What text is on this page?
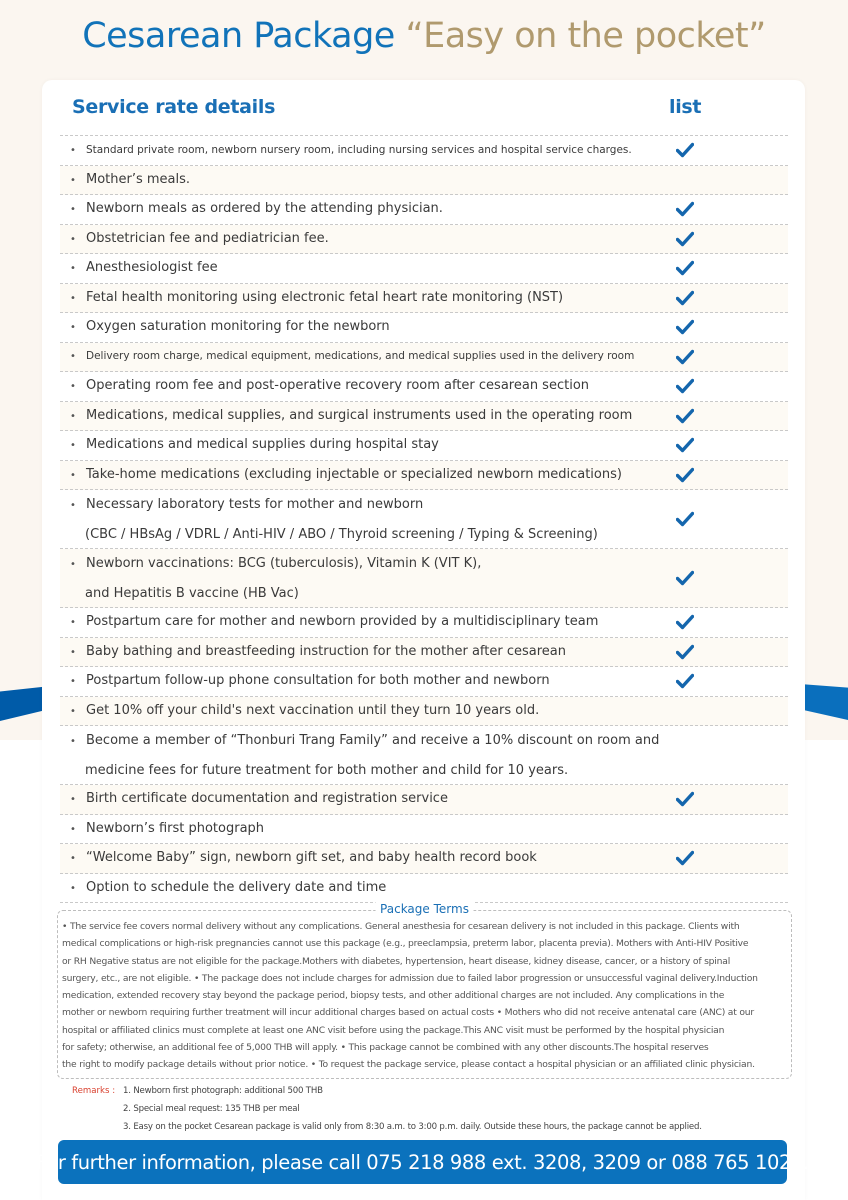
Cesarean Package “Easy on the pocket”
Service rate details	list
• Standard private room, newborn nursery room, including nursing services and hospital service charges.
• Mother’s meals.
• Newborn meals as ordered by the attending physician.
• Obstetrician fee and pediatrician fee.
• Anesthesiologist fee
• Fetal health monitoring using electronic fetal heart rate monitoring (NST)
• Oxygen saturation monitoring for the newborn
• Delivery room charge, medical equipment, medications, and medical supplies used in the delivery room
• Operating room fee and post-operative recovery room after cesarean section
• Medications, medical supplies, and surgical instruments used in the operating room
• Medications and medical supplies during hospital stay
• Take-home medications (excluding injectable or specialized newborn medications)
• Necessary laboratory tests for mother and newborn
(CBC / HBsAg / VDRL / Anti-HIV / ABO / Thyroid screening / Typing & Screening)
• Newborn vaccinations: BCG (tuberculosis), Vitamin K (VIT K),
and Hepatitis B vaccine (HB Vac)
• Postpartum care for mother and newborn provided by a multidisciplinary team
• Baby bathing and breastfeeding instruction for the mother after cesarean
• Postpartum follow-up phone consultation for both mother and newborn
• Get 10% off your child's next vaccination until they turn 10 years old.
• Become a member of “Thonburi Trang Family” and receive a 10% discount on room and
medicine fees for future treatment for both mother and child for 10 years.
• Birth certificate documentation and registration service
• Newborn’s first photograph
• “Welcome Baby” sign, newborn gift set, and baby health record book
• Option to schedule the delivery date and time
Package Terms
• The service fee covers normal delivery without any complications. General anesthesia for cesarean delivery is not included in this package. Clients with
medical complications or high-risk pregnancies cannot use this package (e.g., preeclampsia, preterm labor, placenta previa). Mothers with Anti-HIV Positive
or RH Negative status are not eligible for the package.Mothers with diabetes, hypertension, heart disease, kidney disease, cancer, or a history of spinal
surgery, etc., are not eligible. • The package does not include charges for admission due to failed labor progression or unsuccessful vaginal delivery.Induction
medication, extended recovery stay beyond the package period, biopsy tests, and other additional charges are not included. Any complications in the
mother or newborn requiring further treatment will incur additional charges based on actual costs • Mothers who did not receive antenatal care (ANC) at our
hospital or affiliated clinics must complete at least one ANC visit before using the package.This ANC visit must be performed by the hospital physician
for safety; otherwise, an additional fee of 5,000 THB will apply. • This package cannot be combined with any other discounts.The hospital reserves
the right to modify package details without prior notice. • To request the package service, please contact a hospital physician or an affiliated clinic physician.
Remarks : 1. Newborn first photograph: additional 500 THB
2. Special meal request: 135 THB per meal
3. Easy on the pocket Cesarean package is valid only from 8:30 a.m. to 3:00 p.m. daily. Outside these hours, the package cannot be applied.
For further information, please call 075 218 988 ext. 3208, 3209 or 088 765 1027.
